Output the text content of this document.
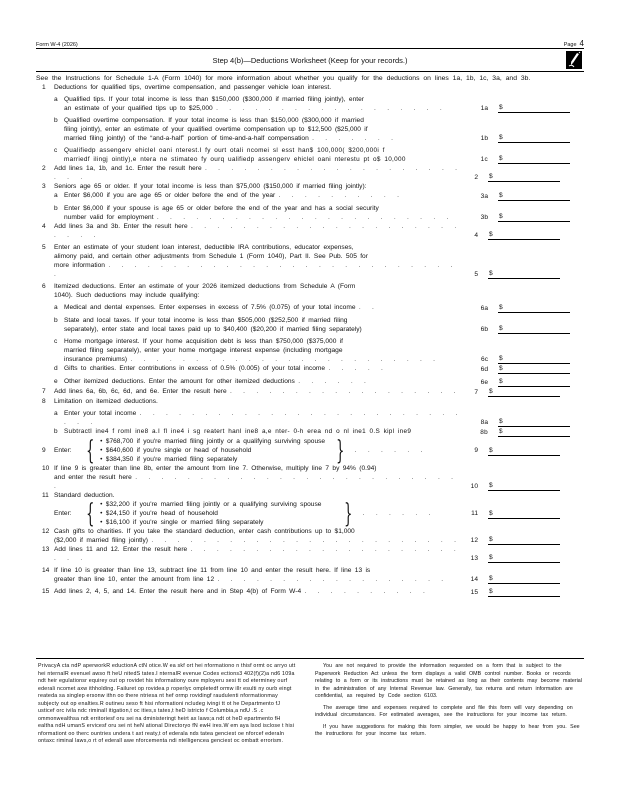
Form W-4 (2026)	Page 4
Step 4(b)—Deductions Worksheet (Keep for your records.)
See the Instructions for Schedule 1-A (Form 1040) for more information about whether you qualify for the deductions on lines 1a, 1b, 1c, 3a, and 3b.
1	Deductions for qualified tips, overtime compensation, and passenger vehicle loan interest.
a Qualified tips. If your total income is less than $150,000 ($300,000 if married filing jointly), enter
an estimate of your qualified tips up to $25,000 . . . . . . . . . . . . . . . . . .	1a	$
b Qualified overtime compensation. If your total income is less than $150,000 ($300,000 if married
filing jointly), enter an estimate of your qualified overtime compensation up to $12,500 ($25,000 if
married filing jointly) of the “and-a-half” portion of time-and-a-half compensation . . . . . . .	1b	$
c	Qualifiedp assengerv ehiclel oani nterest.I fy ourt otali ncomei sl esst han$ 100,000( $200,000i f
marriedf ilingj ointly),e ntera ne stimateo fy ourq ualifiedp assengerv ehiclel oani nterestu pt o$ 10,000	1c	$
2	Add lines 1a, 1b, and 1c. Enter the result here . . . . . . . . . . . . . . . . . . . . . . .	2	$
3	Seniors age 65 or older. If your total income is less than $75,000 ($150,000 if married filing jointly):
a Enter $6,000 if you are age 65 or older before the end of the year . . . . . . . . . .	3a	$
b Enter $6,000 if your spouse is age 65 or older before the end of the year and has a social security
number valid for employment . . . . . . . . . . . . . . . . . . . . . . .	3b	$
4	Add lines 3a and 3b. Enter the result here . . . . . . . . . . . . . . . . . . . . . . . . .	4	$
5	Enter an estimate of your student loan interest, deductible IRA contributions, educator expenses,
alimony paid, and certain other adjustments from Schedule 1 (Form 1040), Part II. See Pub. 505 for
more information . . . . . . . . . . . . . . . . . . . . . . . . . . . .	5	$
6	Itemized deductions. Enter an estimate of your 2026 itemized deductions from Schedule A (Form
1040). Such deductions may include qualifying:
a Medical and dental expenses. Enter expenses in excess of 7.5% (0.075) of your total income . .	6a	$
b State and local taxes. If your total income is less than $505,000 ($252,500 if married filing
separately), enter state and local taxes paid up to $40,400 ($20,200 if married filing separately)	6b	$
c	Home mortgage interest. If your home acquisition debt is less than $750,000 ($375,000 if
married filing separately), enter your home mortgage interest expense (including mortgage
insurance premiums) . . . . . . . . . . . . . . . . . . . . . . . .	6c	$
d Gifts to charities. Enter contributions in excess of 0.5% (0.005) of your total income . . . . .	6d	$
e Other itemized deductions. Enter the amount for other itemized deductions . . . . . .	6e	$
7	Add lines 6a, 6b, 6c, 6d, and 6e. Enter the result here . . . . . . . . . . . . . . . . . .	7	$
8	Limitation on itemized deductions.
a Enter your total income . . . . . . . . . . . . . . . . . . . . . . . . . . . .	8a	$
b Subtractl ine4 f roml ine8 a.I fl ine4 i sg reatert hanl ine8 a,e nter- 0-h erea nd o nl ine1 0.S kipl ine9	8b	$
9	Enter: {	• $768,700 if you're married filing jointly or a qualifying surviving spouse
• $640,600 if you're single or head of household
• $384,350 if you're married filing separately	} . . . . . .	9	$
10 If line 9 is greater than line 8b, enter the amount from line 7. Otherwise, multiply line 7 by 94% (0.94)
and enter the result here . . . . . . . . . . . . . . . . . . . . . . . . . .	10	$
11 Standard deduction.
Enter: {	• $32,200 if you're married filing jointly or a qualifying surviving spouse
• $24,150 if you're head of household
• $16,100 if you're single or married filing separately	} . . . . . .	11	$
12 Cash gifts to charities. If you take the standard deduction, enter cash contributions up to $1,000
($2,000 if married filing jointly) . . . . . . . . . . . . . . . . . . . . . . . .	12	$
13 Add lines 11 and 12. Enter the result here . . . . . . . . . . . . . . . . . . . . . . . .	13	$
14 If line 10 is greater than line 13, subtract line 11 from line 10 and enter the result here. If line 13 is
greater than line 10, enter the amount from line 12 . . . . . . . . . . . . . . . . . .	14	$
15 Add lines 2, 4, 5, and 14. Enter the result here and in Step 4(b) of Form W-4 . . . . . . . . . .	15	$
PrivacyA cta ndP aperworkR eductionA ctN otice.W ea skf ort hei nformationo n thisf ormt oc arryo utt hei nternalR evenuel awso ft heU nitedS tates.I nternalR evenue Codes ections3 402(f)(2)a nd6 109a ndt heir egulationsr equirey out op rovidet his informationy oure mployeru sesi tt od eterminey ourf ederali ncomet axw ithholding. Failuret op rovidea p roperlyc ompletedf ormw illr esulti ny ourb eingt reateda sa singlep ersonw ithn oo there ntriesa nt hef ormp rovidingf raudulenti nformationmay subjecty out op enalties.R outineu seso ft hisi nformationi ncludeg ivingi tt ot he Departmento fJ usticef orc ivila ndc riminall itigation,t oc ities,s tates,t heD istricto f Columbia,a ndU .S .c ommonwealthsa ndt erritoriesf oru sei na dministeringt heirt ax laws;a ndt ot heD epartmento fH ealtha ndH umanS ervicesf oru sei nt heN ational Directoryo fN ewH ires.W em aya lsod isclose t hisi nformationt oo therc ountries undera t axt reaty,t of ederala nds tatea genciest oe nforcef ederaln ontaxc riminal laws,o rt of ederall awe nforcementa ndi ntelligencea genciest oc ombatt errorism.

You are not required to provide the information requested on a form that is subject to the Paperwork Reduction Act unless the form displays a valid OMB control number. Books or records relating to a form or its instructions must be retained as long as their contents may become material in the administration of any Internal Revenue law. Generally, tax returns and return information are confidential, as required by Code section 6103.

The average time and expenses required to complete and file this form will vary depending on individual circumstances. For estimated averages, see the instructions for your income tax return.

If you have suggestions for making this form simpler, we would be happy to hear from you. See the instructions for your income tax return.
